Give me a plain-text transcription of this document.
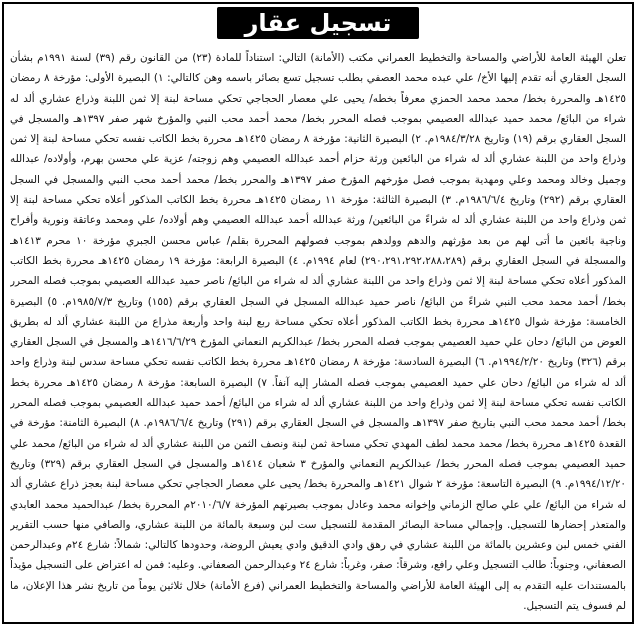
تسجيل عقار

تعلن الهيئة العامة للأراضي والمساحة والتخطيط العمراني مكتب (الأمانة) التالي: استناداً للمادة (٢٣) من القانون رقم (٣٩) لسنة ١٩٩١م بشأن السجل العقاري أنه تقدم إليها الأخ/ علي عبده محمد العصفي بطلب تسجيل تسع بصائر باسمه وهن كالتالي: ١) البصيرة الأولى: مؤرخة ٨ رمضان ١٤٢٥هـ والمحررة بخط/ محمد محمد الحمزي معرفاً بخطه/ يحيى علي معصار الحجاجي تحكي مساحة لبنة إلا ثمن اللبنة وذراع عشاري ألد له شراء من البائع/ محمد حميد عبدالله العصيمي بموجب فصله المحرر بخط/ محمد أحمد محب النبي والمؤرخ شهر صفر ١٣٩٧هـ والمسجل في السجل العقاري برقم (١٩) وتاريخ ١٩٨٤/٣/٢٨م. ٢) البصيرة الثانية: مؤرخة ٨ رمضان ١٤٢٥هـ محررة بخط الكاتب نفسه تحكي مساحة لبنة إلا ثمن وذراع واحد من اللبنة عشاري ألد له شراء من البائعين ورثة حزام أحمد عبدالله العصيمي وهم زوجته/ عزية علي محسن بهرم، وأولاده/ عبدالله وجميل وخالد ومحمد وعلي ومهدية بموجب فصل مؤرخهم المؤرخ صفر ١٣٩٧هـ والمحرر بخط/ محمد أحمد محب النبي والمسجل في السجل العقاري برقم (٢٩٢) وتاريخ ١٩٨٦/٦/٤م. ٣) البصيرة الثالثة: مؤرخة ١١ رمضان ١٤٢٥هـ محررة بخط الكاتب المذكور أعلاه تحكي مساحة لبنة إلا ثمن وذراع واحد من اللبنة عشاري ألد له شراءً من البائعين/ ورثة عبدالله أحمد عبدالله العصيمي وهم أولاده/ علي ومحمد وعاتقة ونورية وأفراح وناجية بائعين ما أتى لهم من بعد مؤرثهم والدهم وولدهم بموجب فصولهم المحررة بقلم/ عباس محسن الجبري مؤرخة ١٠ محرم ١٤١٣هـ والمسجلة في السجل العقاري برقم (٢٩٠،٢٩١،٢٩٢،٢٨٨،٢٨٩) لعام ١٩٩٤م. ٤) البصيرة الرابعة: مؤرخة ١٩ رمضان ١٤٢٥هـ محررة بخط الكاتب المذكور أعلاه تحكي مساحة لبنة إلا ثمن وذراع واحد من اللبنة عشاري ألد له شراء من البائع/ ناصر حميد عبدالله العصيمي بموجب فصله المحرر بخط/ أحمد محمد محب النبي شراءً من البائع/ ناصر حميد عبدالله المسجل في السجل العقاري برقم (١٥٥) وتاريخ ١٩٨٥/٧/٣م. ٥) البصيرة الخامسة: مؤرخة شوال ١٤٢٥هـ محررة بخط الكاتب المذكور أعلاه تحكي مساحة ربع لبنة واحد وأربعة مذراع من اللبنة عشاري ألد له بطريق العوض من البائع/ دحان علي حميد العصيمي بموجب فصله المحرر بخط/ عبدالكريم النعماني المؤرخ ١٤١٦/٦/٢٩هـ والمسجل في السجل العقاري برقم (٣٢٦) وتاريخ ١٩٩٤/٢/٢٠م. ٦) البصيرة السادسة: مؤرخة ٨ رمضان ١٤٢٥هـ محررة بخط الكاتب نفسه تحكي مساحة سدس لبنة وذراع واحد ألد له شراء من البائع/ دحان علي حميد العصيمي بموجب فصله المشار إليه آنفاً. ٧) البصيرة السابعة: مؤرخة ٨ رمضان ١٤٢٥هـ محررة بخط الكاتب نفسه تحكي مساحة لبنة إلا ثمن وذراع واحد من اللبنة عشاري ألد له شراء من البائع/ أحمد حميد عبدالله العصيمي بموجب فصله المحرر بخط/ أحمد محمد محب النبي بتاريخ صفر ١٣٩٧هـ والمسجل في السجل العقاري برقم (٢٩١) وتاريخ ١٩٨٦/٦/٤م. ٨) البصيرة الثامنة: مؤرخة في القعدة ١٤٢٥هـ محررة بخط/ محمد محمد لطف المهدي تحكي مساحة ثمن لبنة ونصف الثمن من اللبنة عشاري ألد له شراء من البائع/ محمد علي حميد العصيمي بموجب فصله المحرر بخط/ عبدالكريم النعماني والمؤرخ ٣ شعبان ١٤١٤هـ والمسجل في السجل العقاري برقم (٣٢٩) وتاريخ ١٩٩٤/١٢/٢٠م. ٩) البصيرة التاسعة: مؤرخة ٢ شوال ١٤٢١هـ والمحررة بخط/ يحيى علي معصار الحجاجي تحكي مساحة لبنة بعجز ذراع عشاري ألد له شراء من البائع/ علي علي صالح الزماني وإخوانه محمد وعادل بموجب بصيرتهم المؤرخة ٢٠١٠/٦/٧م المحررة بخط/ عبدالحميد محمد العابدي والمتعذر إحضارها للتسجيل. وإجمالي مساحة البصائر المقدمة للتسجيل ست لبن وسبعة بالمائة من اللبنة عشاري، والصافي منها حسب التقرير الفني خمس لبن وعشرين بالمائة من اللبنة عشاري في رهق وادي الدقيق وادي يعيش الروضة، وحدودها كالتالي: شمالاً: شارع ٢٤م وعبدالرحمن الصعفاني، وجنوباً: طالب التسجيل وعلي رافع، وشرقاً: صفر، وغرباً: شارع ٢٤ وعبدالرحمن الصعفاني. وعليه: فمن له اعتراض على التسجيل مؤيداً بالمستندات عليه التقدم به إلى الهيئة العامة للأراضي والمساحة والتخطيط العمراني (فرع الأمانة) خلال ثلاثين يوماً من تاريخ نشر هذا الإعلان، ما لم فسوف يتم التسجيل.
